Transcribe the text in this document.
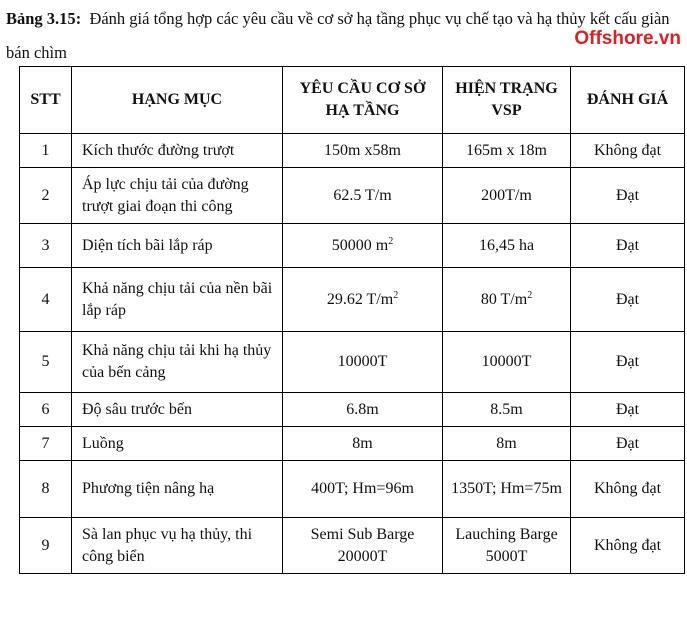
Bảng 3.15: Đánh giá tổng hợp các yêu cầu về cơ sở hạ tầng phục vụ chế tạo và hạ thủy kết cấu giàn bán chìm
Offshore.vn
STT	HẠNG MỤC	YÊU CẦU CƠ SỞ HẠ TẦNG	HIỆN TRẠNG VSP	ĐÁNH GIÁ
1	Kích thước đường trượt	150m x58m	165m x 18m	Không đạt
2	Áp lực chịu tải của đường trượt giai đoạn thi công	62.5 T/m	200T/m	Đạt
3	Diện tích bãi lắp ráp	50000 $m^2$	16,45 ha	Đạt
4	Khả năng chịu tải của nền bãi lắp ráp	29.62 $T/m^2$	80 $T/m^2$	Đạt
5	Khả năng chịu tải khi hạ thủy của bến cảng	10000T	10000T	Đạt
6	Độ sâu trước bến	6.8m	8.5m	Đạt
7	Luồng	8m	8m	Đạt
8	Phương tiện nâng hạ	400T; Hm=96m	1350T; Hm=75m	Không đạt
9	Sà lan phục vụ hạ thủy, thi công biển	Semi Sub Barge 20000T	Lauching Barge 5000T	Không đạt
